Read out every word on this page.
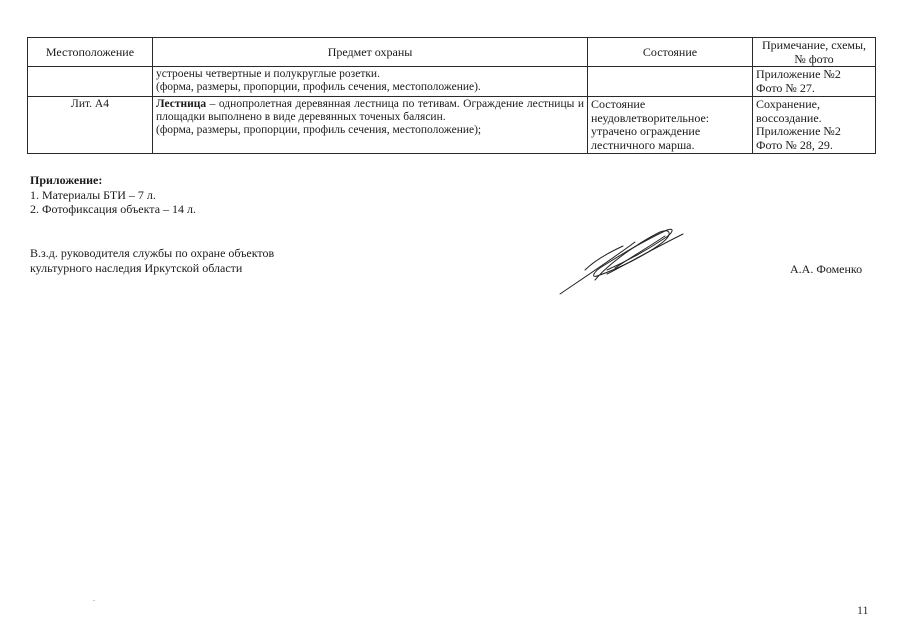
Местоположение	Предмет охраны	Состояние	Примечание, схемы, № фото

	устроены четвертные и полукруглые розетки.
(форма, размеры, пропорции, профиль сечения, местоположение).		Приложение №2
Фото № 27.

Лит. А4	Лестница – однопролетная деревянная лестница по тетивам. Ограждение лестницы и площадки выполнено в виде деревянных точеных балясин.
(форма, размеры, пропорции, профиль сечения, местоположение);	Состояние
неудовлетворительное:
утрачено ограждение
лестничного марша.	Сохранение,
воссоздание.
Приложение №2
Фото № 28, 29.
Приложение:
1. Материалы БТИ – 7 л.
2. Фотофиксация объекта – 14 л.
В.з.д. руководителя службы по охране объектов
культурного наследия Иркутской области	А.А. Фоменко
11
